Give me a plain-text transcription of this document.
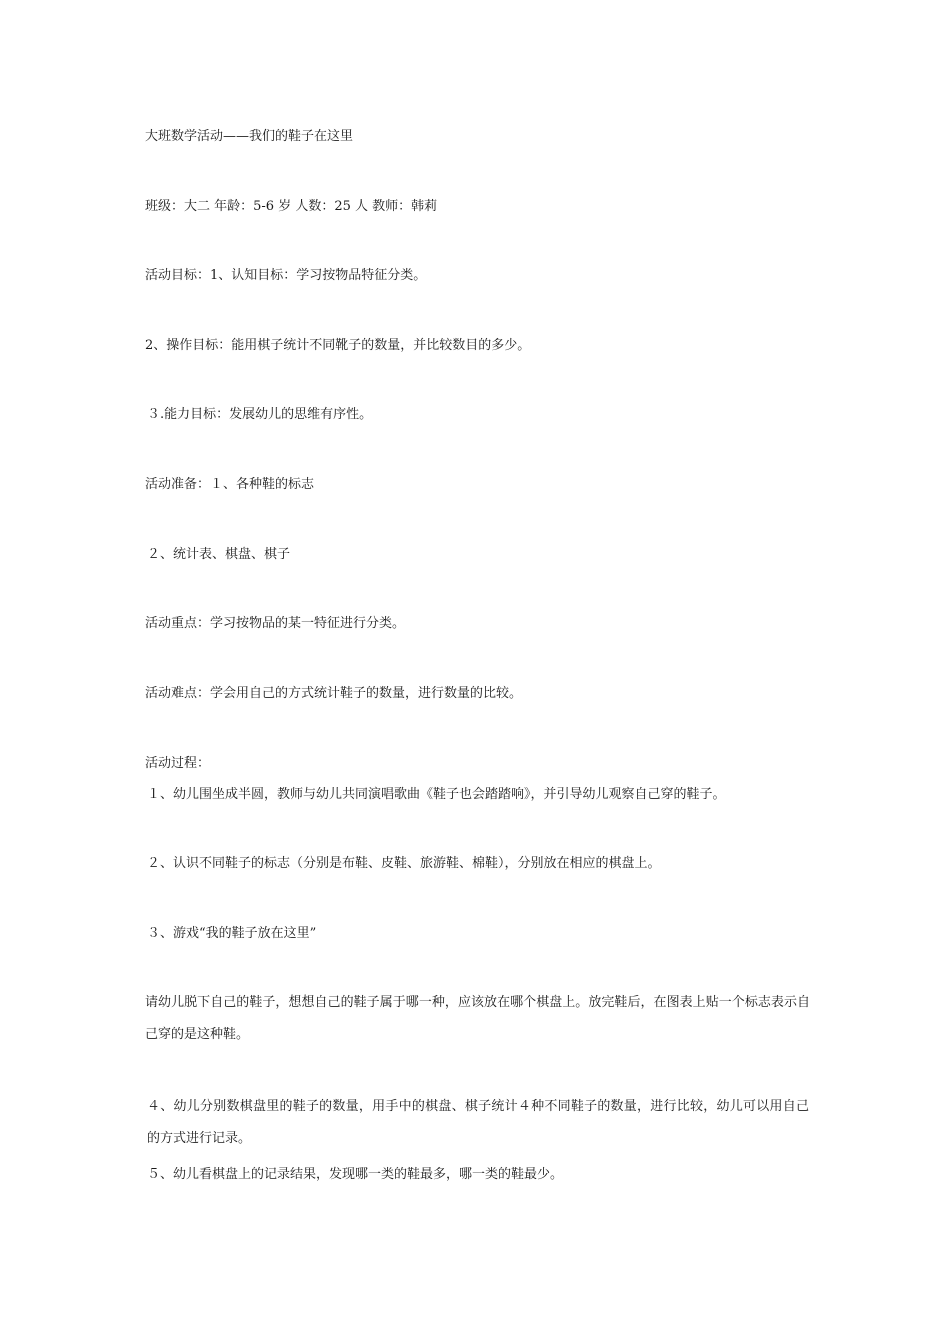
大班数学活动——我们的鞋子在这里
班级：大二 年龄：5-6 岁 人数：25 人 教师：韩莉
活动目标：1、认知目标：学习按物品特征分类。
2、操作目标：能用棋子统计不同靴子的数量，并比较数目的多少。
３.能力目标：发展幼儿的思维有序性。
活动准备：１、各种鞋的标志
２、统计表、棋盘、棋子
活动重点：学习按物品的某一特征进行分类。
活动难点：学会用自己的方式统计鞋子的数量，进行数量的比较。
活动过程：
１、幼儿围坐成半圆，教师与幼儿共同演唱歌曲《鞋子也会踏踏响》，并引导幼儿观察自己穿的鞋子。
２、认识不同鞋子的标志（分别是布鞋、皮鞋、旅游鞋、棉鞋），分别放在相应的棋盘上。
３、游戏“我的鞋子放在这里”
请幼儿脱下自己的鞋子，想想自己的鞋子属于哪一种，应该放在哪个棋盘上。放完鞋后，在图表上贴一个标志表示自己穿的是这种鞋。
４、幼儿分别数棋盘里的鞋子的数量，用手中的棋盘、棋子统计４种不同鞋子的数量，进行比较，幼儿可以用自己的方式进行记录。
５、幼儿看棋盘上的记录结果，发现哪一类的鞋最多，哪一类的鞋最少。
